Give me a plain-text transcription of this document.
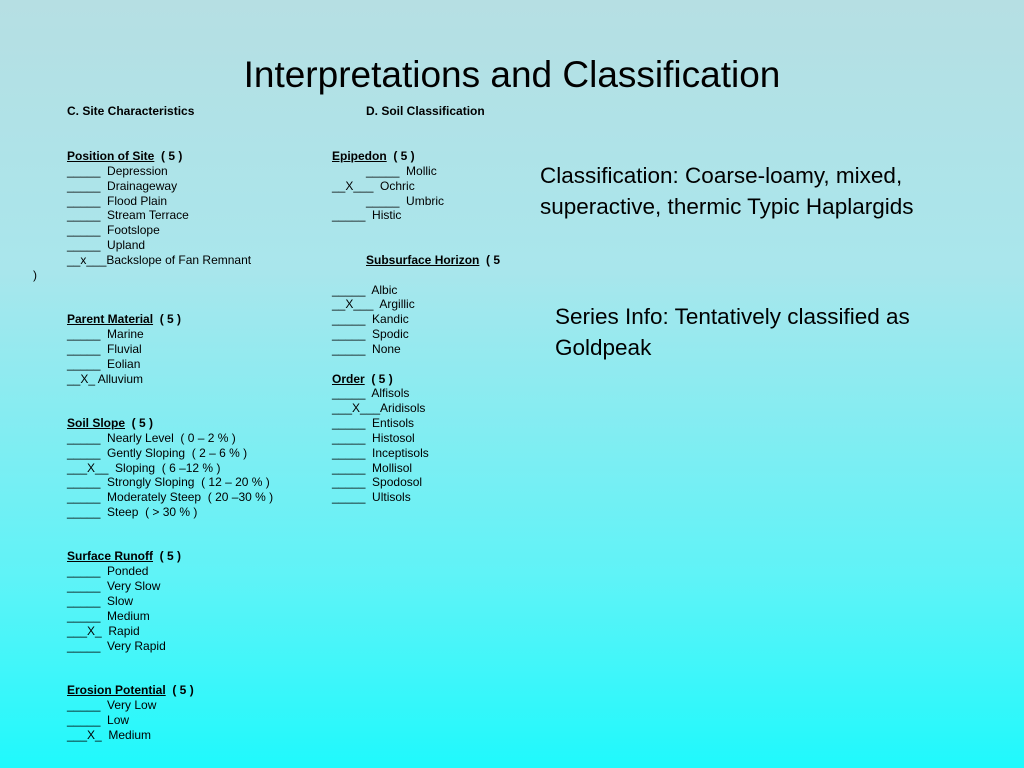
Interpretations and Classification
C. Site Characteristics	D. Soil Classification
Position of Site  ( 5 )
_____  Depression
_____  Drainageway
_____  Flood Plain
_____  Stream Terrace
_____  Footslope
_____  Upland
__x___Backslope of Fan Remnant
)
Parent Material  ( 5 )
_____  Marine
_____  Fluvial
_____  Eolian
__X_ Alluvium
Soil Slope  ( 5 )
_____  Nearly Level  ( 0 – 2 % )
_____  Gently Sloping  ( 2 – 6 % )
___X__  Sloping  ( 6 –12 % )
_____  Strongly Sloping  ( 12 – 20 % )
_____  Moderately Steep  ( 20 –30 % )
_____  Steep  ( > 30 % )
Surface Runoff  ( 5 )
_____  Ponded
_____  Very Slow
_____  Slow
_____  Medium
___X_  Rapid
_____  Very Rapid
Erosion Potential  ( 5 )
_____  Very Low
_____  Low
___X_  Medium
Epipedon  ( 5 )
_____  Mollic
__X___  Ochric
_____  Umbric
_____  Histic
Subsurface Horizon  ( 5
_____  Albic
__X___  Argillic
_____  Kandic
_____  Spodic
_____  None
Order  ( 5 )
_____  Alfisols
___X___Aridisols
_____  Entisols
_____  Histosol
_____  Inceptisols
_____  Mollisol
_____  Spodosol
_____  Ultisols
Classification: Coarse-loamy, mixed, superactive, thermic Typic Haplargids
Series Info: Tentatively classified as Goldpeak
